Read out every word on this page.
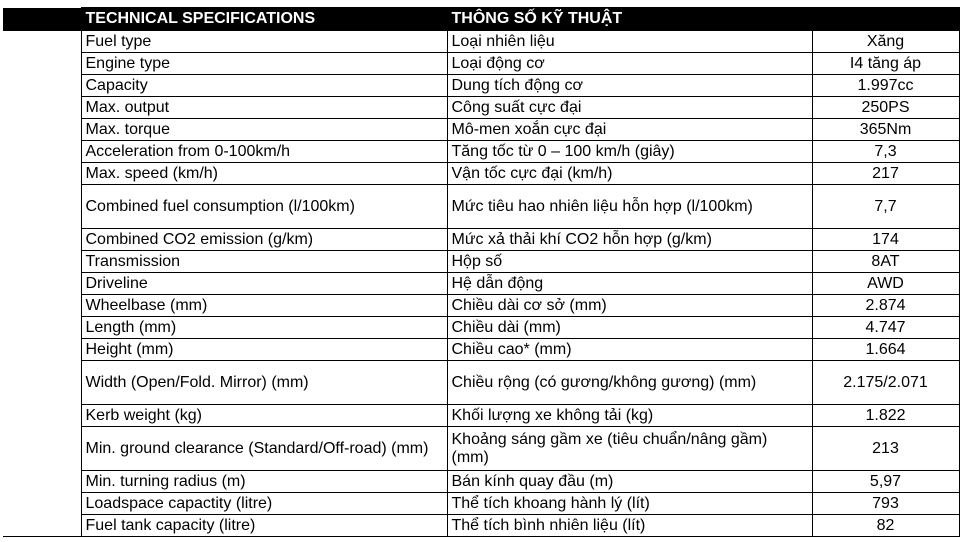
	TECHNICAL SPECIFICATIONS	THÔNG SỐ KỸ THUẬT	
	Fuel type	Loại nhiên liệu	Xăng
	Engine type	Loại động cơ	I4 tăng áp
	Capacity	Dung tích động cơ	1.997cc
	Max. output	Công suất cực đại	250PS
	Max. torque	Mô-men xoắn cực đại	365Nm
	Acceleration from 0-100km/h	Tăng tốc từ 0 – 100 km/h (giây)	7,3
	Max. speed (km/h)	Vận tốc cực đại (km/h)	217
	Combined fuel consumption (l/100km)	Mức tiêu hao nhiên liệu hỗn hợp (l/100km)	7,7
	Combined CO2 emission (g/km)	Mức xả thải khí CO2 hỗn hợp (g/km)	174
	Transmission	Hộp số	8AT
	Driveline	Hệ dẫn động	AWD
	Wheelbase (mm)	Chiều dài cơ sở (mm)	2.874
	Length (mm)	Chiều dài (mm)	4.747
	Height (mm)	Chiều cao* (mm)	1.664
	Width (Open/Fold. Mirror) (mm)	Chiều rộng (có gương/không gương) (mm)	2.175/2.071
	Kerb weight (kg)	Khối lượng xe không tải (kg)	1.822
	Min. ground clearance (Standard/Off-road) (mm)	Khoảng sáng gầm xe (tiêu chuẩn/nâng gầm) (mm)	213
	Min. turning radius (m)	Bán kính quay đầu (m)	5,97
	Loadspace capactity (litre)	Thể tích khoang hành lý (lít)	793
	Fuel tank capacity (litre)	Thể tích bình nhiên liệu (lít)	82
